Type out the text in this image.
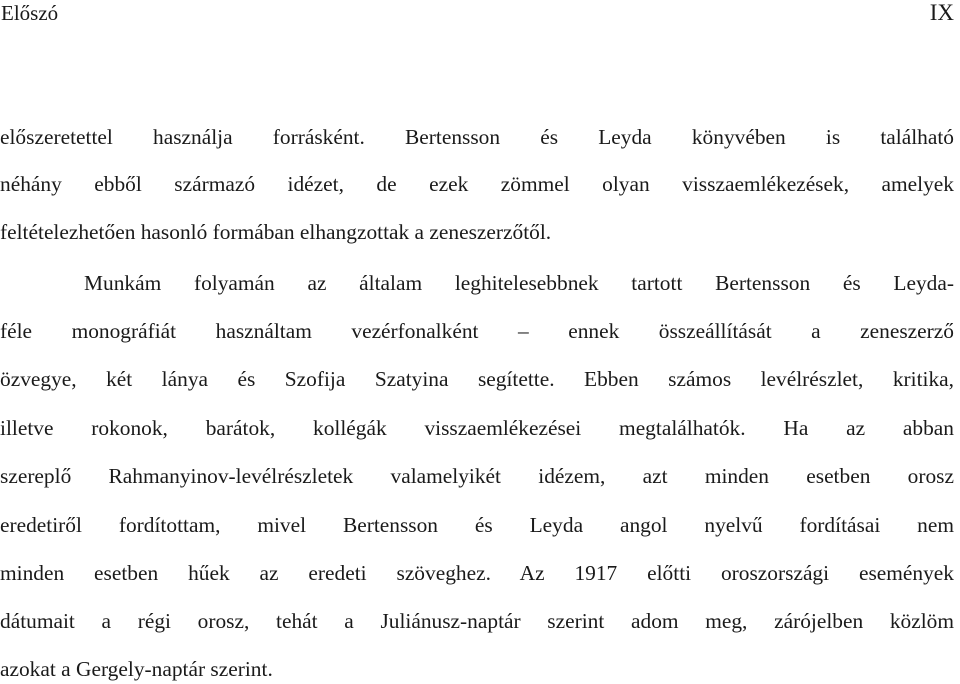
Előszó	IX
előszeretettel használja forrásként. Bertensson és Leyda könyvében is található
néhány ebből származó idézet, de ezek zömmel olyan visszaemlékezések, amelyek
feltételezhetően hasonló formában elhangzottak a zeneszerzőtől.
Munkám folyamán az általam leghitelesebbnek tartott Bertensson és Leyda-
féle monográfiát használtam vezérfonalként – ennek összeállítását a zeneszerző
özvegye, két lánya és Szofija Szatyina segítette. Ebben számos levélrészlet, kritika,
illetve rokonok, barátok, kollégák visszaemlékezései megtalálhatók. Ha az abban
szereplő Rahmanyinov-levélrészletek valamelyikét idézem, azt minden esetben orosz
eredetiről fordítottam, mivel Bertensson és Leyda angol nyelvű fordításai nem
minden esetben hűek az eredeti szöveghez. Az 1917 előtti oroszországi események
dátumait a régi orosz, tehát a Juliánusz-naptár szerint adom meg, zárójelben közlöm
azokat a Gergely-naptár szerint.
